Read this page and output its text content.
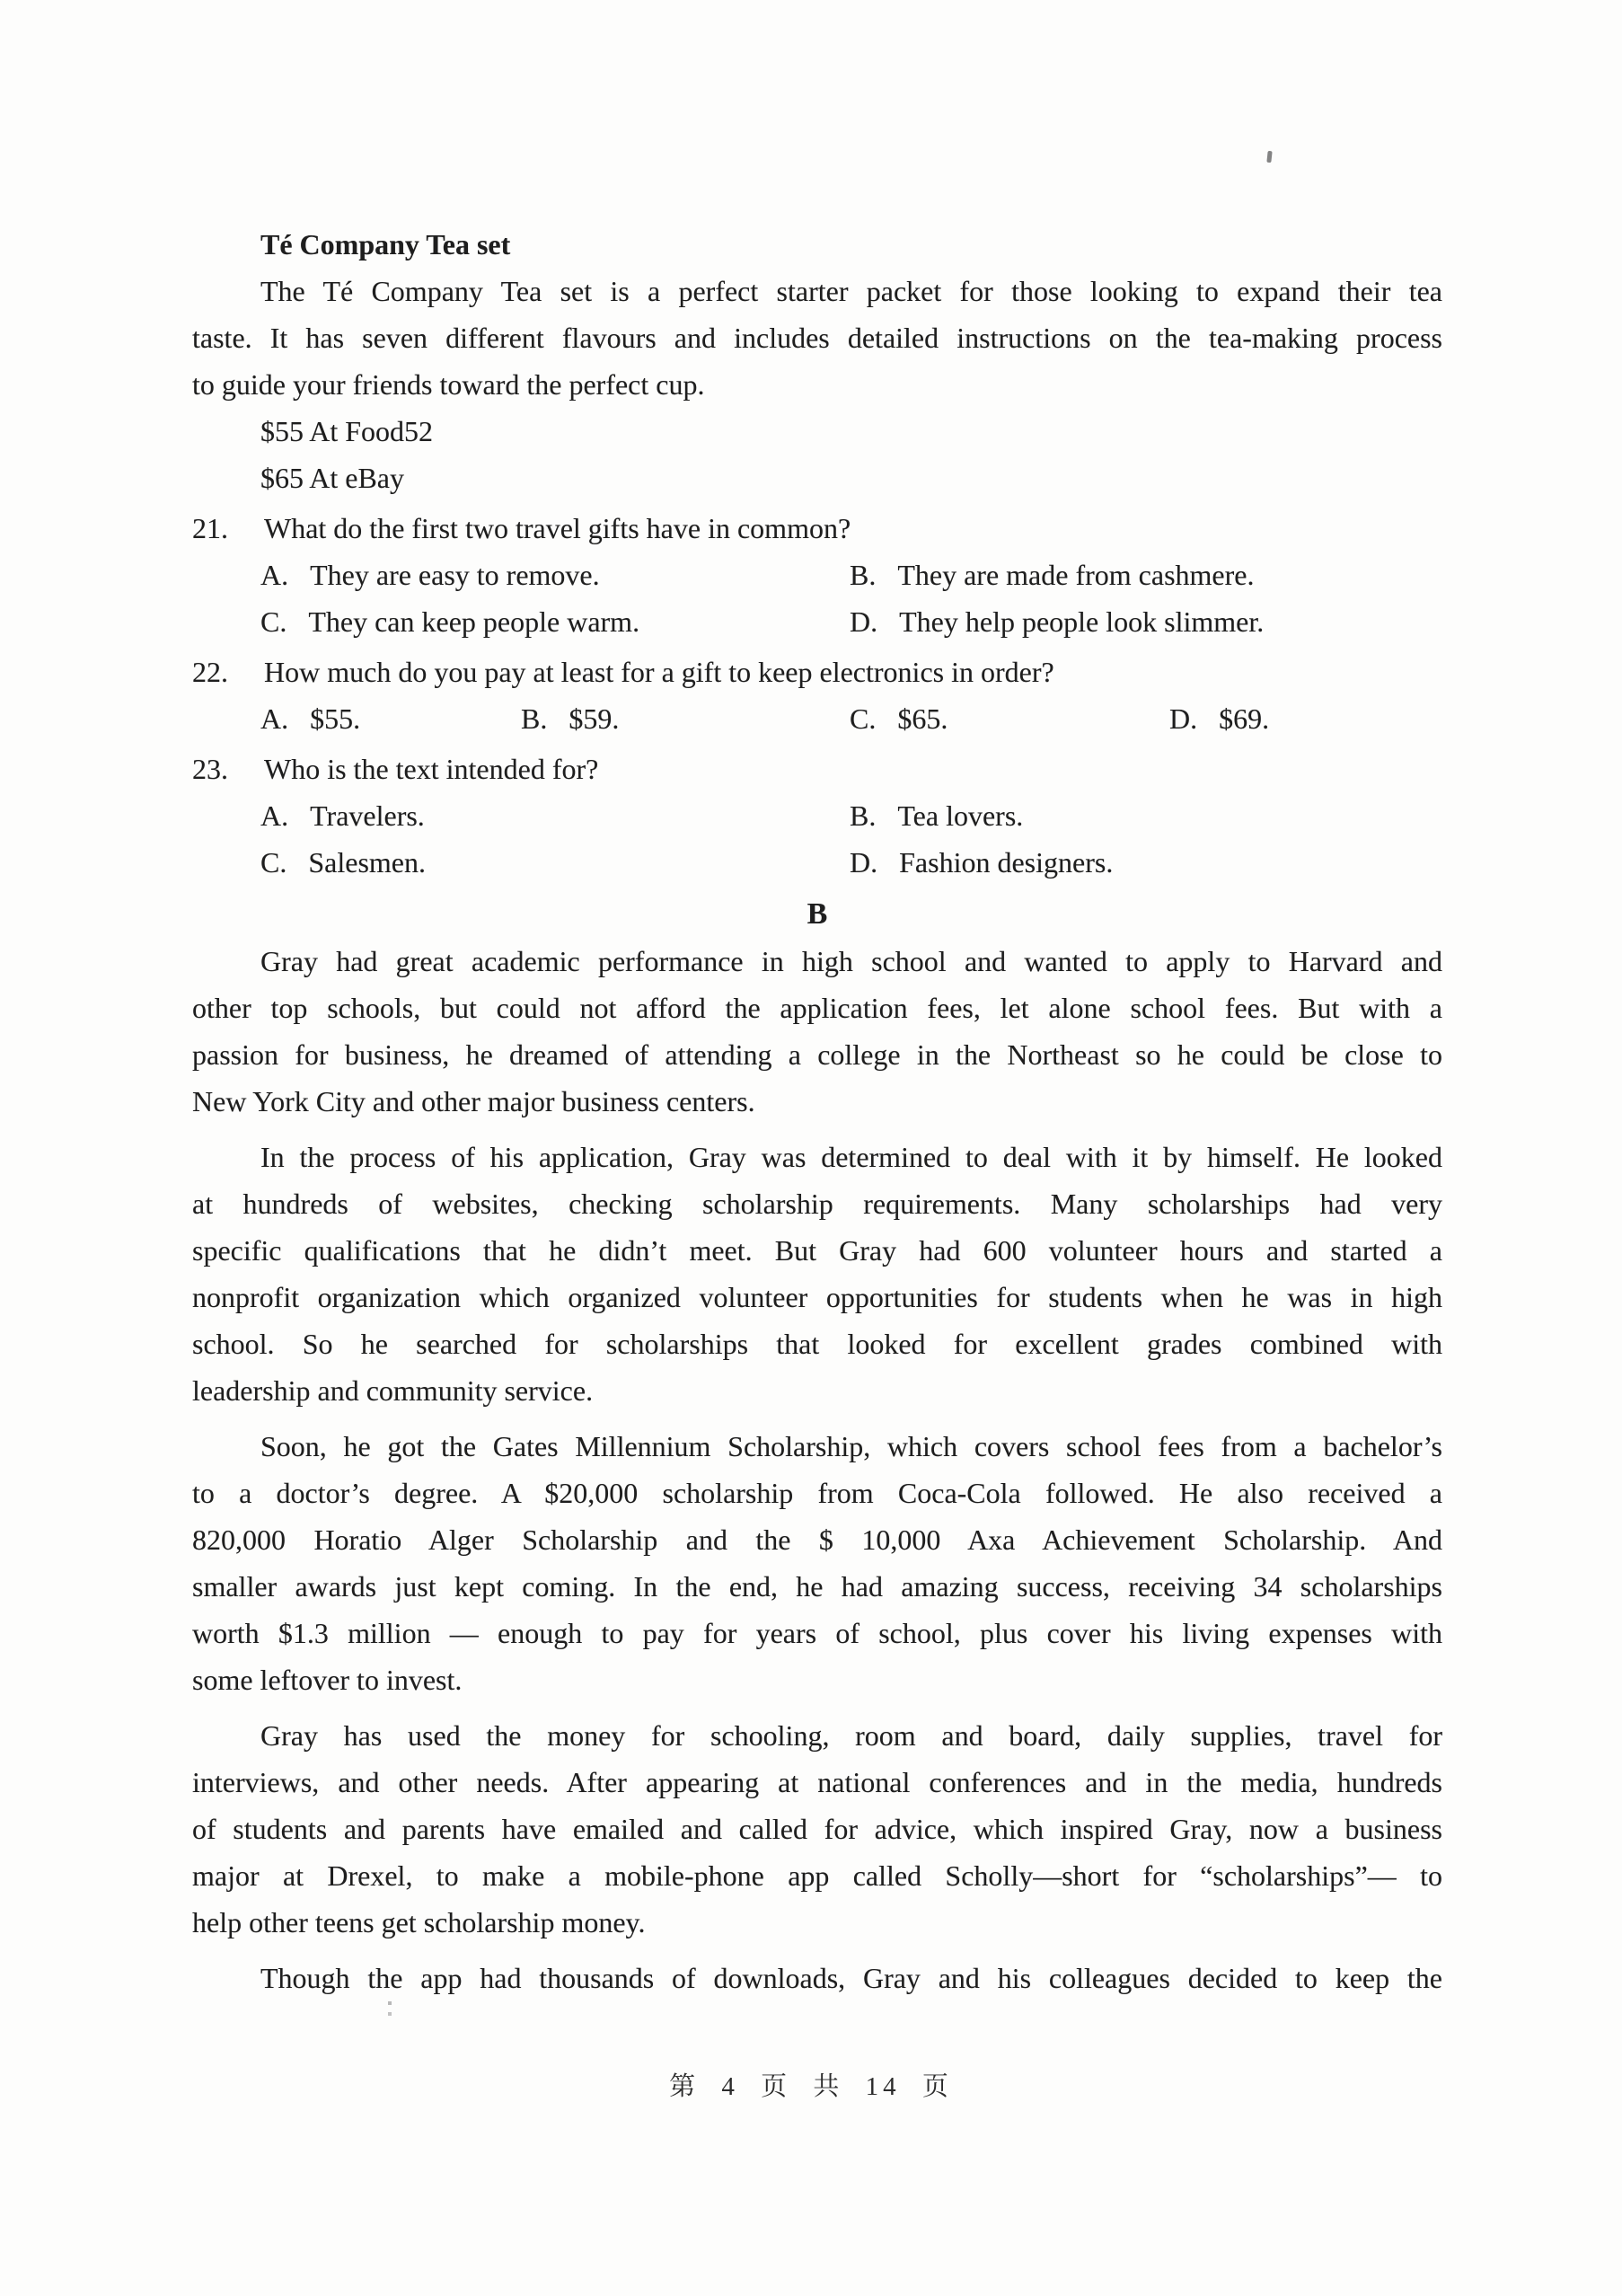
Té Company Tea set
The Té Company Tea set is a perfect starter packet for those looking to expand their tea
taste. It has seven different flavours and includes detailed instructions on the tea-making process
to guide your friends toward the perfect cup.
$55 At Food52
$65 At eBay
21. What do the first two travel gifts have in common?
A. They are easy to remove.	B. They are made from cashmere.
C. They can keep people warm.	D. They help people look slimmer.
22. How much do you pay at least for a gift to keep electronics in order?
A. $55.	B. $59.	C. $65.	D. $69.
23. Who is the text intended for?
A. Travelers.	B. Tea lovers.
C. Salesmen.	D. Fashion designers.
B
Gray had great academic performance in high school and wanted to apply to Harvard and
other top schools, but could not afford the application fees, let alone school fees. But with a
passion for business, he dreamed of attending a college in the Northeast so he could be close to
New York City and other major business centers.
In the process of his application, Gray was determined to deal with it by himself. He looked
at hundreds of websites, checking scholarship requirements. Many scholarships had very
specific qualifications that he didn’t meet. But Gray had 600 volunteer hours and started a
nonprofit organization which organized volunteer opportunities for students when he was in high
school. So he searched for scholarships that looked for excellent grades combined with
leadership and community service.
Soon, he got the Gates Millennium Scholarship, which covers school fees from a bachelor’s
to a doctor’s degree. A $20,000 scholarship from Coca-Cola followed. He also received a
820,000 Horatio Alger Scholarship and the $ 10,000 Axa Achievement Scholarship. And
smaller awards just kept coming. In the end, he had amazing success, receiving 34 scholarships
worth $1.3 million — enough to pay for years of school, plus cover his living expenses with
some leftover to invest.
Gray has used the money for schooling, room and board, daily supplies, travel for
interviews, and other needs. After appearing at national conferences and in the media, hundreds
of students and parents have emailed and called for advice, which inspired Gray, now a business
major at Drexel, to make a mobile-phone app called Scholly—short for “scholarships”— to
help other teens get scholarship money.
Though the app had thousands of downloads, Gray and his colleagues decided to keep the
第 4 页 共 14 页
